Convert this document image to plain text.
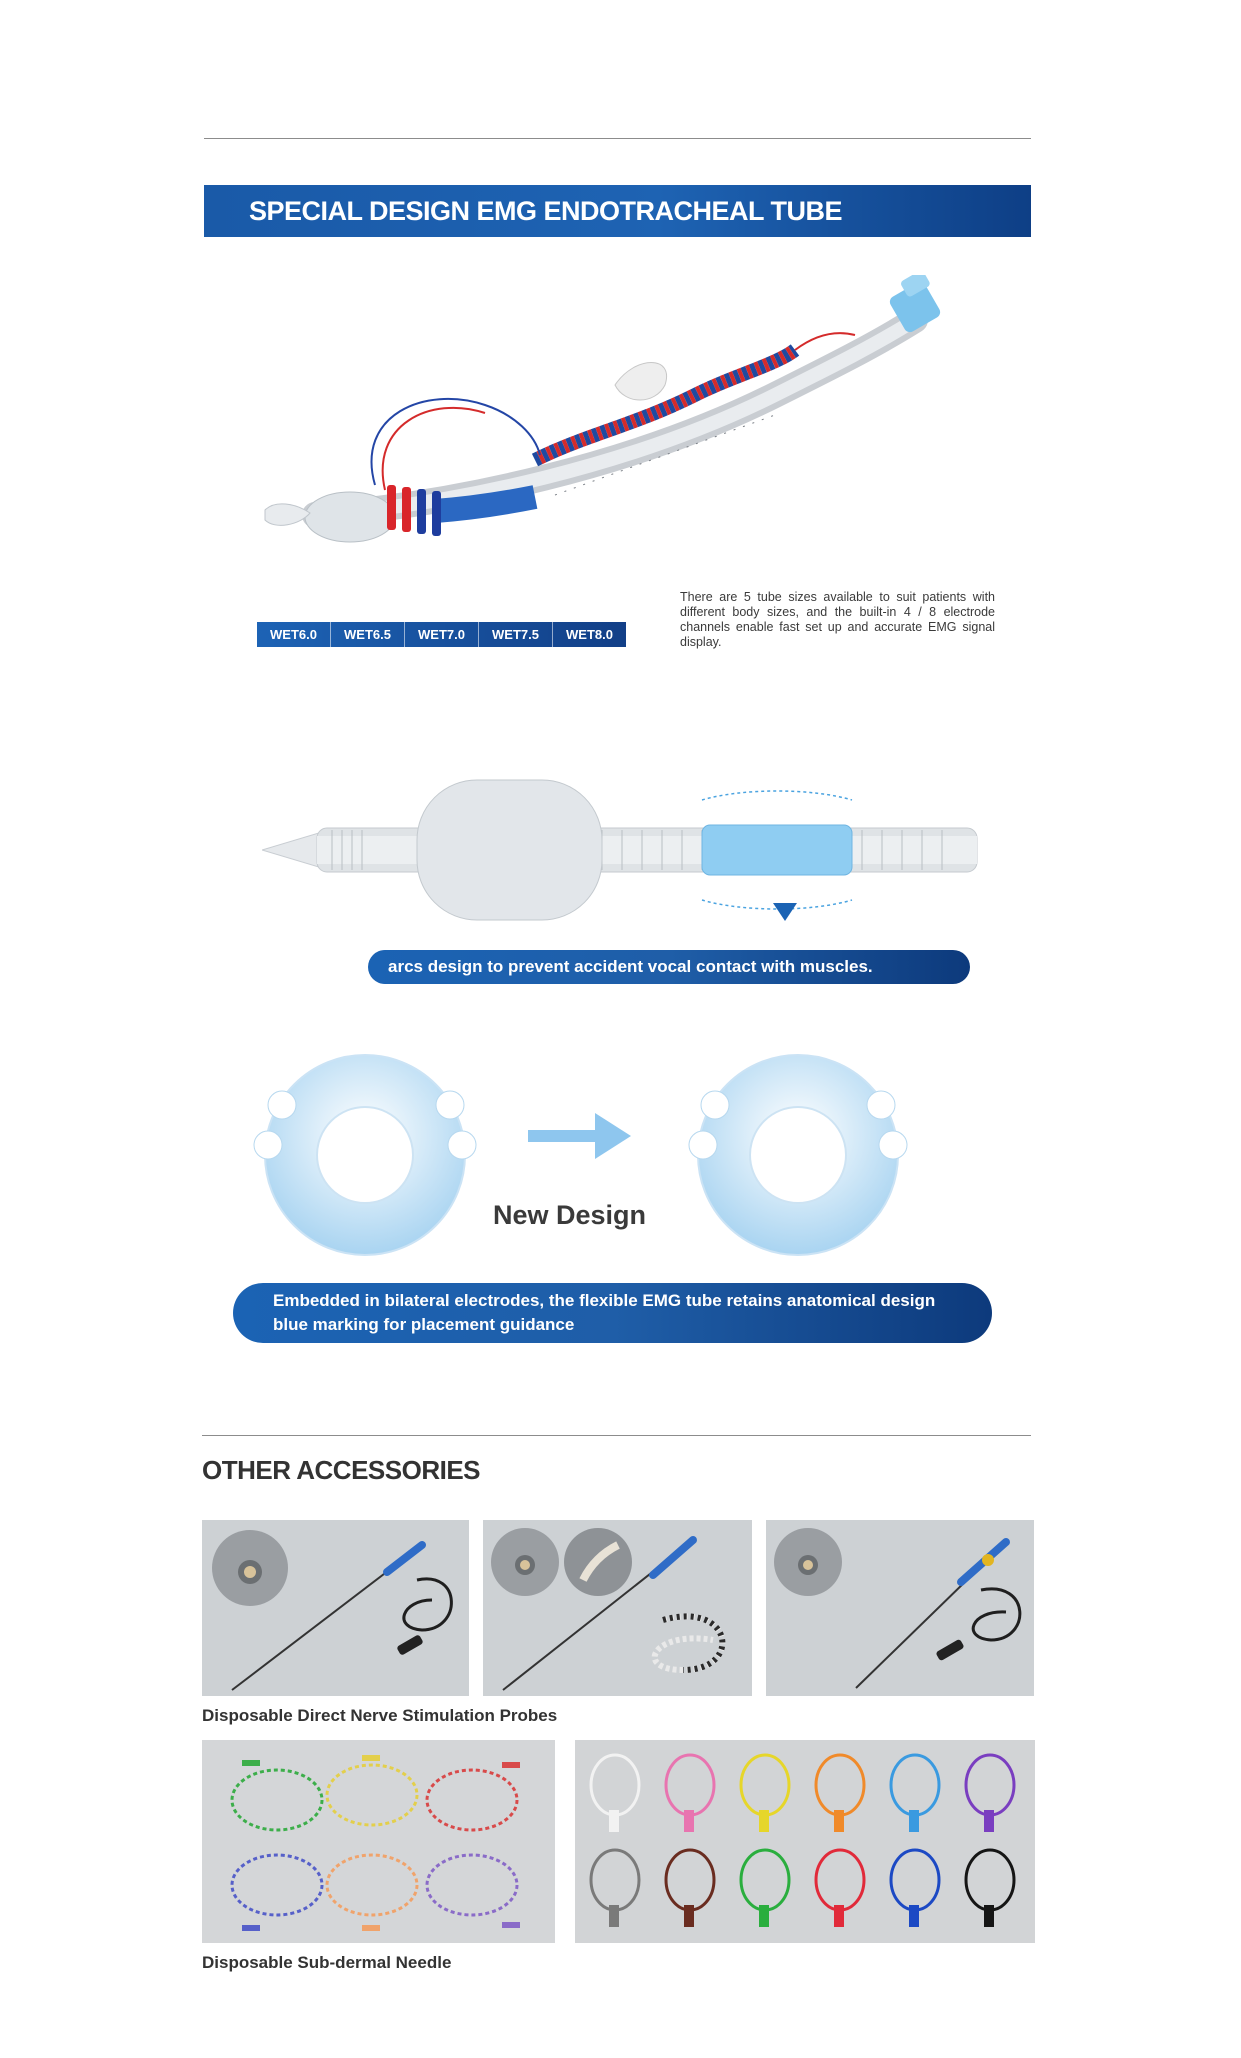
SPECIAL DESIGN EMG ENDOTRACHEAL TUBE
WET6.0	WET6.5	WET7.0	WET7.5	WET8.0
There are 5 tube sizes available to suit patients with different body sizes, and the built-in 4 / 8 electrode channels enable fast set up and accurate EMG signal display.
arcs design to prevent accident vocal contact with muscles.
New Design
Embedded in bilateral electrodes, the flexible EMG tube retains anatomical design blue marking for placement guidance
OTHER ACCESSORIES
Disposable Direct Nerve Stimulation Probes
Disposable Sub-dermal Needle
